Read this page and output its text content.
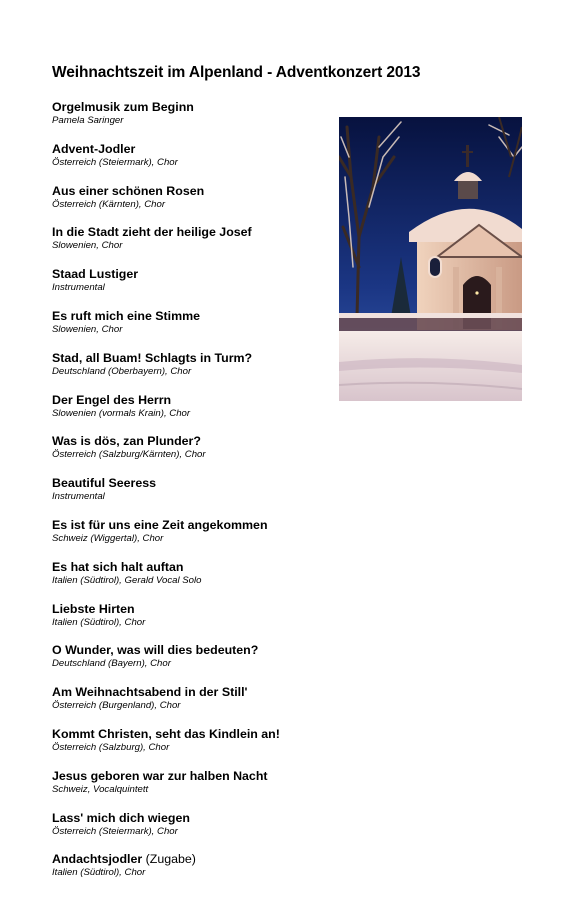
Weihnachtszeit im Alpenland - Adventkonzert 2013
Orgelmusik zum Beginn
Pamela Saringer
Advent-Jodler
Österreich (Steiermark), Chor
Aus einer schönen Rosen
Österreich (Kärnten), Chor
In die Stadt zieht der heilige Josef
Slowenien, Chor
Staad Lustiger
Instrumental
Es ruft mich eine Stimme
Slowenien, Chor
Stad, all Buam! Schlagts in Turm?
Deutschland (Oberbayern), Chor
Der Engel des Herrn
Slowenien (vormals Krain), Chor
Was is dös, zan Plunder?
Österreich (Salzburg/Kärnten), Chor
Beautiful Seeress
Instrumental
Es ist für uns eine Zeit angekommen
Schweiz (Wiggertal), Chor
Es hat sich halt auftan
Italien (Südtirol), Gerald Vocal Solo
Liebste Hirten
Italien (Südtirol), Chor
O Wunder, was will dies bedeuten?
Deutschland (Bayern), Chor
Am Weihnachtsabend in der Still'
Österreich (Burgenland), Chor
Kommt Christen, seht das Kindlein an!
Österreich (Salzburg), Chor
Jesus geboren war zur halben Nacht
Schweiz, Vocalquintett
Lass' mich dich wiegen
Österreich (Steiermark), Chor
Andachtsjodler (Zugabe)
Italien (Südtirol), Chor
